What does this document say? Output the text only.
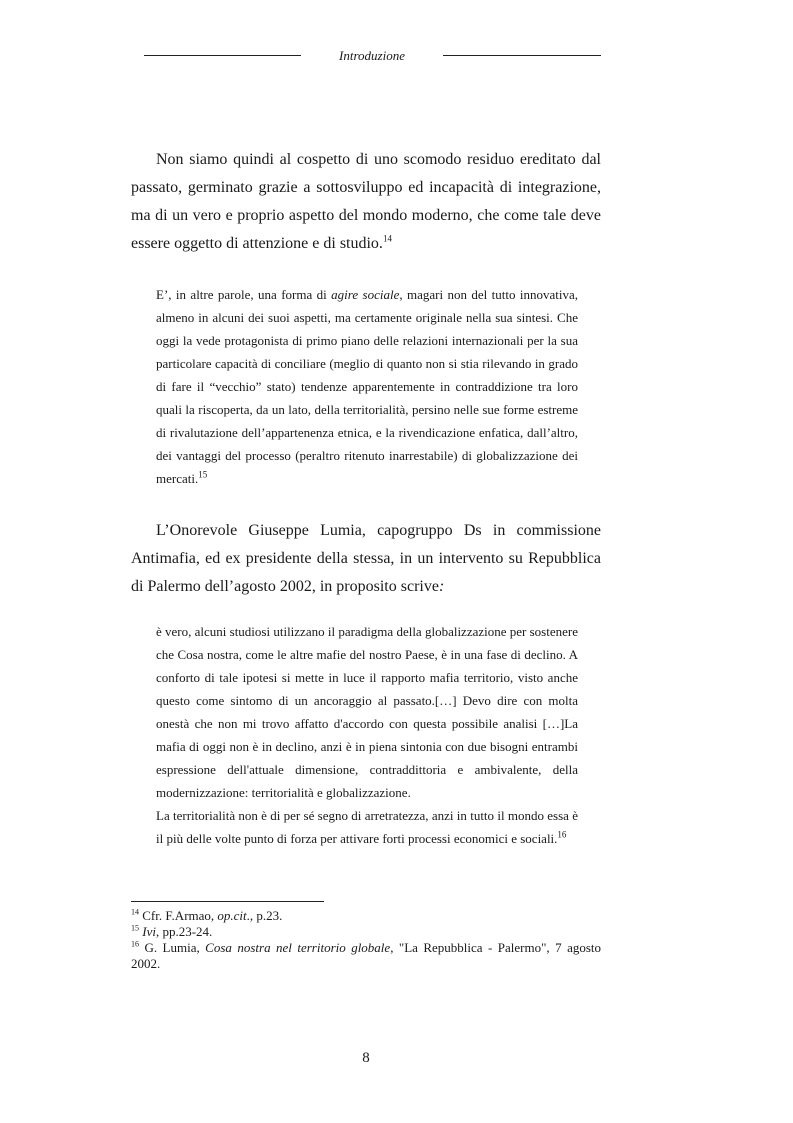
Introduzione

Non siamo quindi al cospetto di uno scomodo residuo ereditato dal passato, germinato grazie a sottosviluppo ed incapacità di integrazione, ma di un vero e proprio aspetto del mondo moderno, che come tale deve essere oggetto di attenzione e di studio.$^{14}$

E’, in altre parole, una forma di agire sociale, magari non del tutto innovativa, almeno in alcuni dei suoi aspetti, ma certamente originale nella sua sintesi. Che oggi la vede protagonista di primo piano delle relazioni internazionali per la sua particolare capacità di conciliare (meglio di quanto non si stia rilevando in grado di fare il “vecchio” stato) tendenze apparentemente in contraddizione tra loro quali la riscoperta, da un lato, della territorialità, persino nelle sue forme estreme di rivalutazione dell’appartenenza etnica, e la rivendicazione enfatica, dall’altro, dei vantaggi del processo (peraltro ritenuto inarrestabile) di globalizzazione dei mercati.$^{15}$

L’Onorevole Giuseppe Lumia, capogruppo Ds in commissione Antimafia, ed ex presidente della stessa, in un intervento su Repubblica di Palermo dell’agosto 2002, in proposito scrive:

è vero, alcuni studiosi utilizzano il paradigma della globalizzazione per sostenere che Cosa nostra, come le altre mafie del nostro Paese, è in una fase di declino. A conforto di tale ipotesi si mette in luce il rapporto mafia territorio, visto anche questo come sintomo di un ancoraggio al passato.[…] Devo dire con molta onestà che non mi trovo affatto d'accordo con questa possibile analisi […]La mafia di oggi non è in declino, anzi è in piena sintonia con due bisogni entrambi espressione dell'attuale dimensione, contraddittoria e ambivalente, della modernizzazione: territorialità e globalizzazione.

La territorialità non è di per sé segno di arretratezza, anzi in tutto il mondo essa è il più delle volte punto di forza per attivare forti processi economici e sociali.$^{16}$

$^{14}$ Cfr. F.Armao, op.cit., p.23.
$^{15}$ Ivi, pp.23-24.
$^{16}$ G. Lumia, Cosa nostra nel territorio globale, "La Repubblica - Palermo", 7 agosto 2002.
8
